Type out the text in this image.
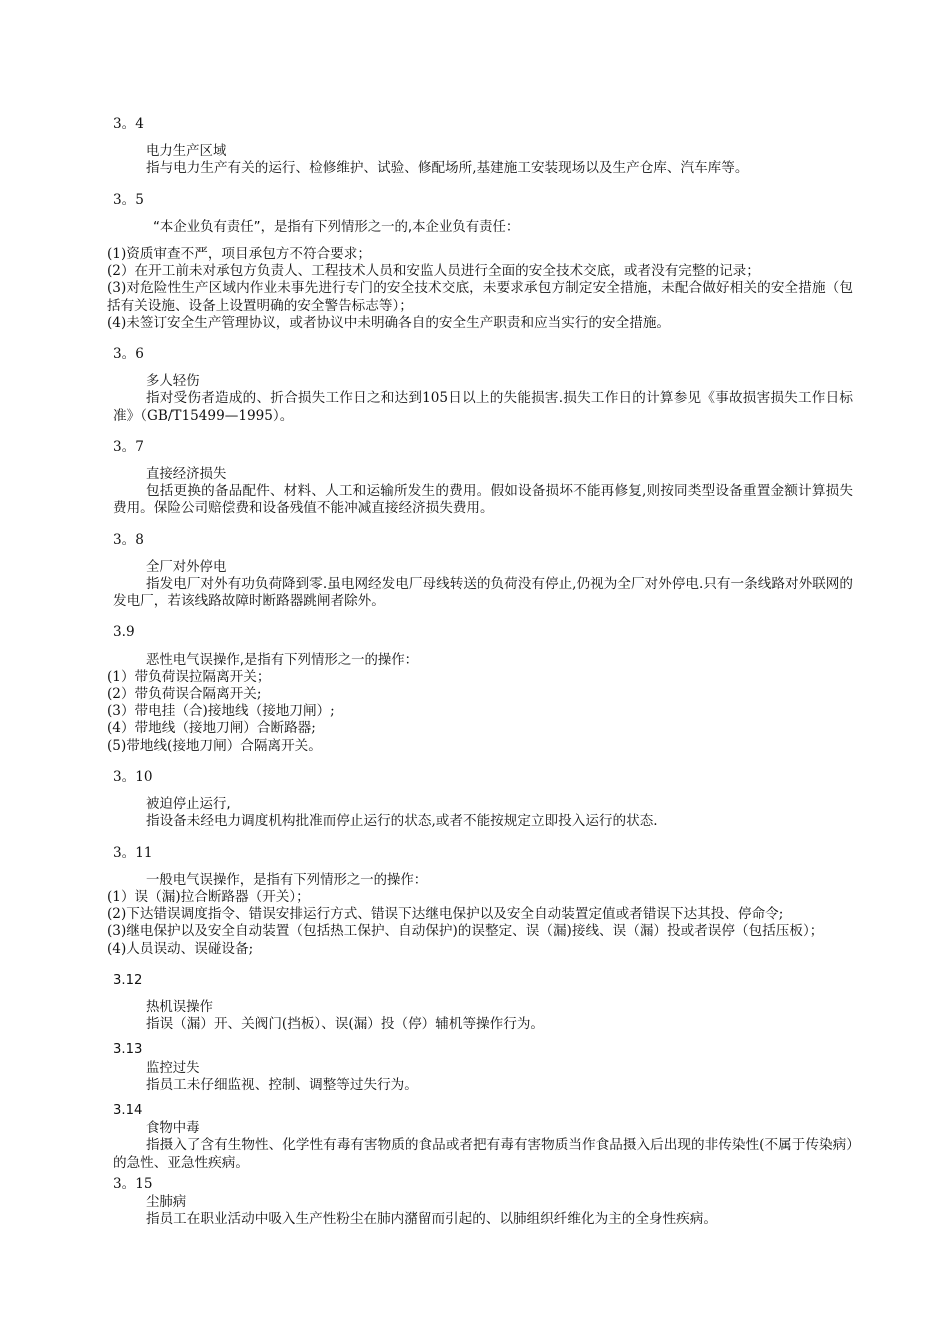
3。4
电力生产区域
指与电力生产有关的运行、检修维护、试验、修配场所,基建施工安装现场以及生产仓库、汽车库等。
3。5
“本企业负有责任”，是指有下列情形之一的,本企业负有责任：
(1)资质审查不严，项目承包方不符合要求；
(2）在开工前未对承包方负责人、工程技术人员和安监人员进行全面的安全技术交底，或者没有完整的记录；
(3)对危险性生产区域内作业未事先进行专门的安全技术交底，未要求承包方制定安全措施，未配合做好相关的安全措施（包括有关设施、设备上设置明确的安全警告标志等）；
(4)未签订安全生产管理协议，或者协议中未明确各自的安全生产职责和应当实行的安全措施。
3。6
多人轻伤
指对受伤者造成的、折合损失工作日之和达到105日以上的失能损害.损失工作日的计算参见《事故损害损失工作日标准》（GB/T15499—1995）。
3。7
直接经济损失
包括更换的备品配件、材料、人工和运输所发生的费用。假如设备损坏不能再修复,则按同类型设备重置金额计算损失费用。保险公司赔偿费和设备残值不能冲减直接经济损失费用。
3。8
全厂对外停电
指发电厂对外有功负荷降到零.虽电网经发电厂母线转送的负荷没有停止,仍视为全厂对外停电.只有一条线路对外联网的发电厂，若该线路故障时断路器跳闸者除外。
3.9
恶性电气误操作,是指有下列情形之一的操作：
(1）带负荷误拉隔离开关；
(2）带负荷误合隔离开关;
(3）带电挂（合)接地线（接地刀闸）;
(4）带地线（接地刀闸）合断路器;
(5)带地线(接地刀闸）合隔离开关。
3。10
被迫停止运行,
指设备未经电力调度机构批准而停止运行的状态,或者不能按规定立即投入运行的状态.
3。11
一般电气误操作，是指有下列情形之一的操作：
(1）误（漏)拉合断路器（开关）；
(2)下达错误调度指令、错误安排运行方式、错误下达继电保护以及安全自动装置定值或者错误下达其投、停命令;
(3)继电保护以及安全自动装置（包括热工保护、自动保护)的误整定、误（漏)接线、误（漏）投或者误停（包括压板）；
(4)人员误动、误碰设备;
3.12
热机误操作
指误（漏）开、关阀门(挡板）、误(漏）投（停）辅机等操作行为。
3.13
监控过失
指员工未仔细监视、控制、调整等过失行为。
3.14
食物中毒
指摄入了含有生物性、化学性有毒有害物质的食品或者把有毒有害物质当作食品摄入后出现的非传染性(不属于传染病）的急性、亚急性疾病。
3。15
尘肺病
指员工在职业活动中吸入生产性粉尘在肺内潴留而引起的、以肺组织纤维化为主的全身性疾病。
